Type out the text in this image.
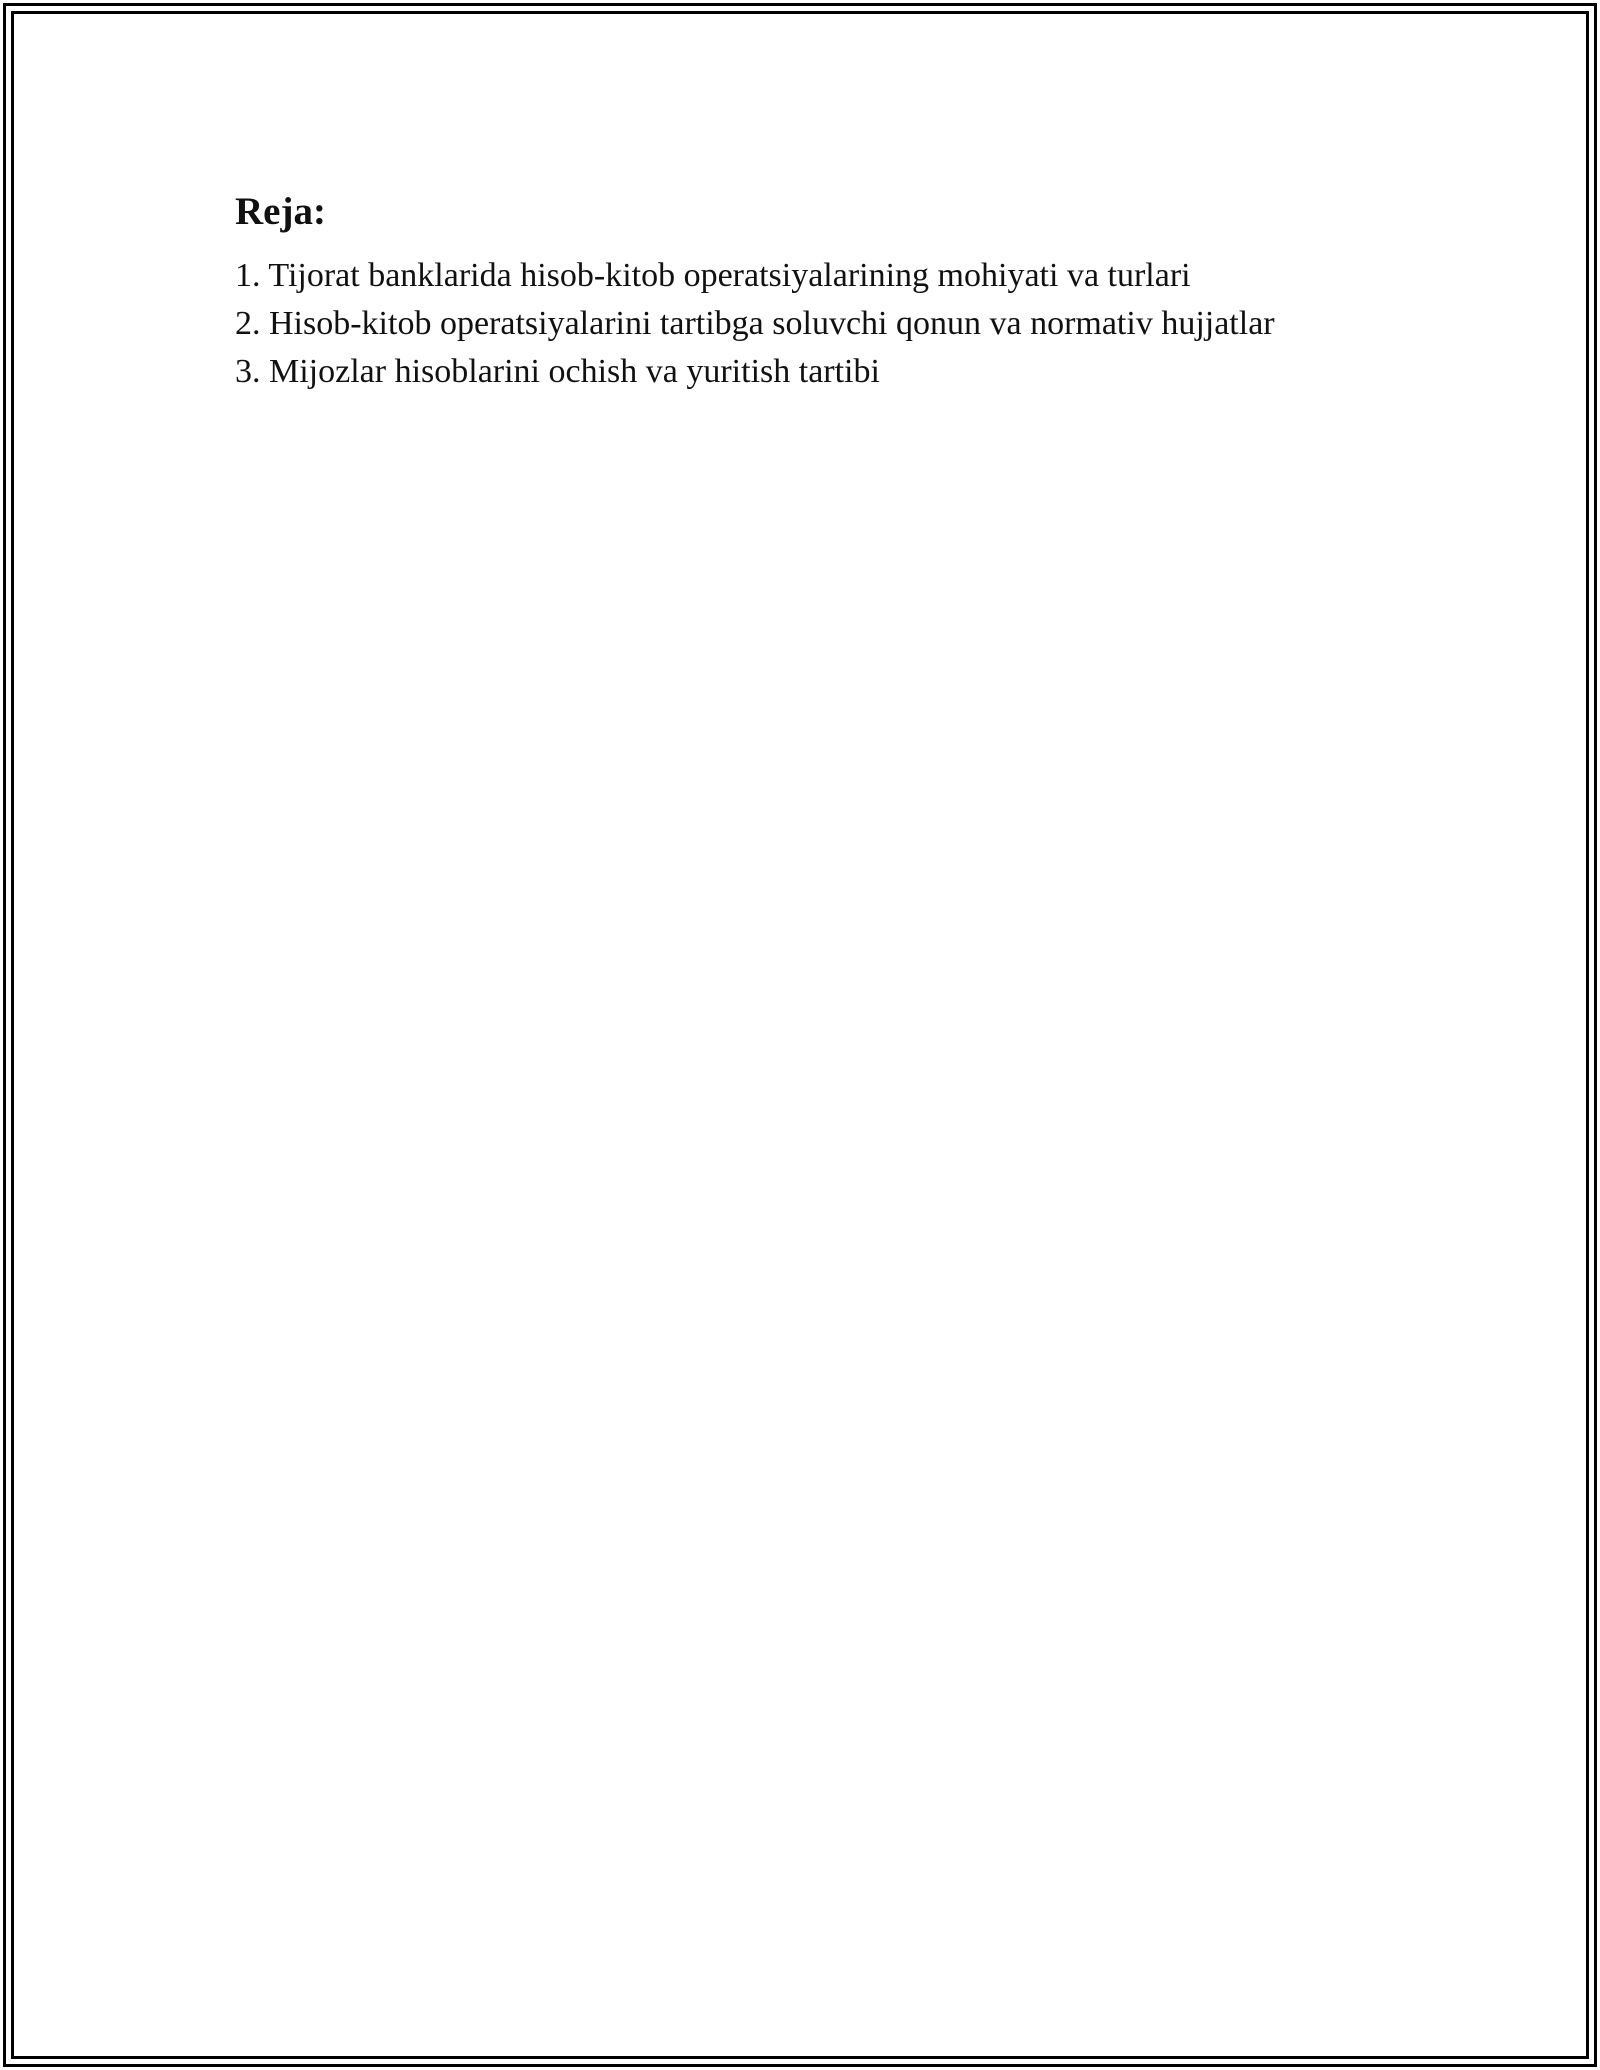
Reja:
1. Tijorat banklarida hisob-kitob operatsiyalarining mohiyati va turlari
2. Hisob-kitob operatsiyalarini tartibga soluvchi qonun va normativ hujjatlar
3. Mijozlar hisoblarini ochish va yuritish tartibi
